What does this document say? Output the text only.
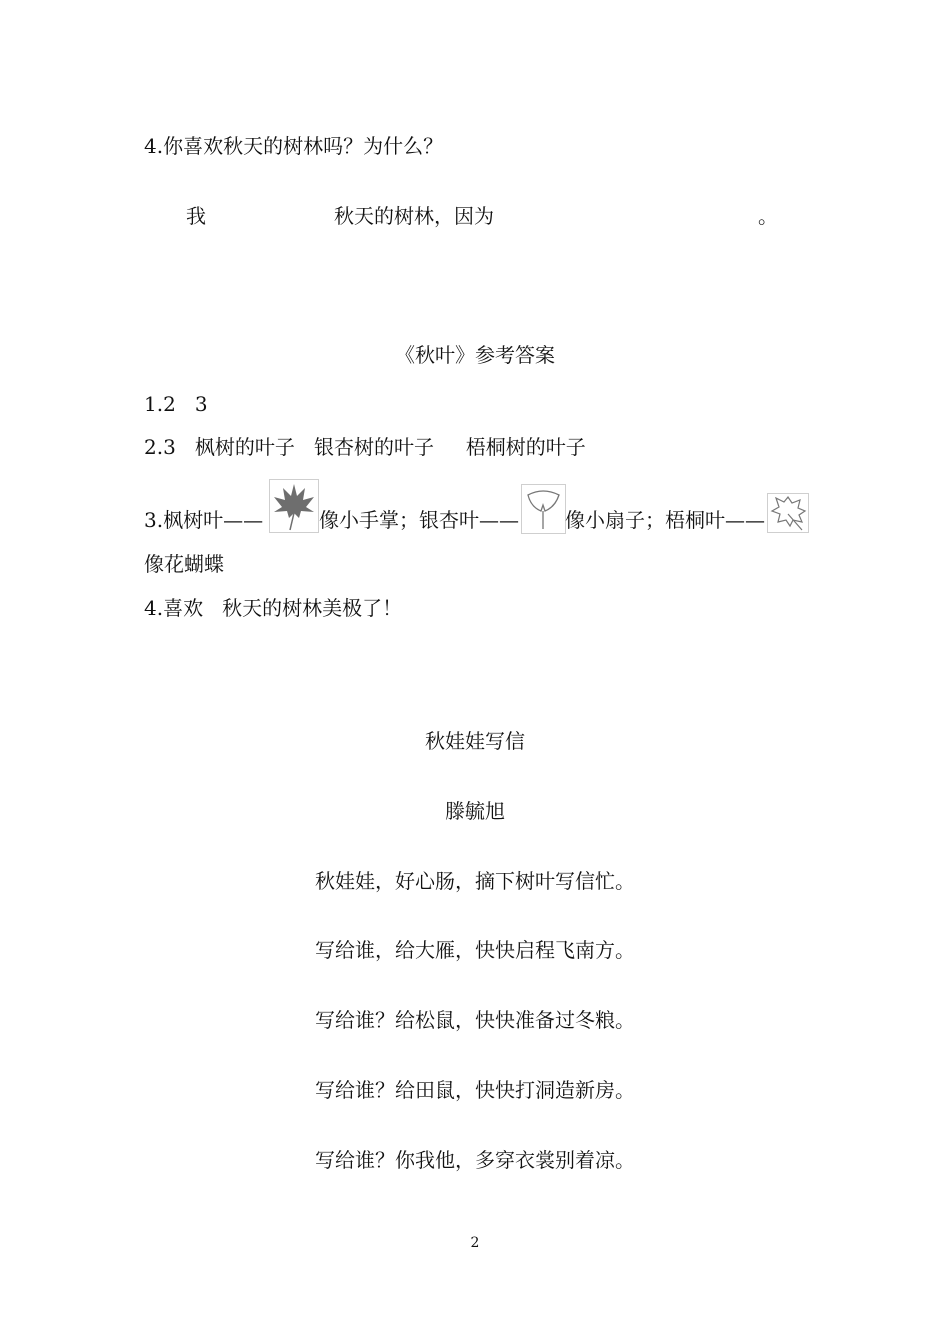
4.你喜欢秋天的树林吗？为什么？
我	秋天的树林，因为	。
《秋叶》参考答案
1.2   3
2.3   枫树的叶子   银杏树的叶子     梧桐树的叶子
3.枫树叶——	像小手掌；银杏叶—— 像小扇子；梧桐叶——
像花蝴蝶
4.喜欢   秋天的树林美极了！
秋娃娃写信
滕毓旭
秋娃娃，好心肠，摘下树叶写信忙。
写给谁，给大雁，快快启程飞南方。
写给谁？给松鼠，快快准备过冬粮。
写给谁？给田鼠，快快打洞造新房。
写给谁？你我他，多穿衣裳别着凉。
2
